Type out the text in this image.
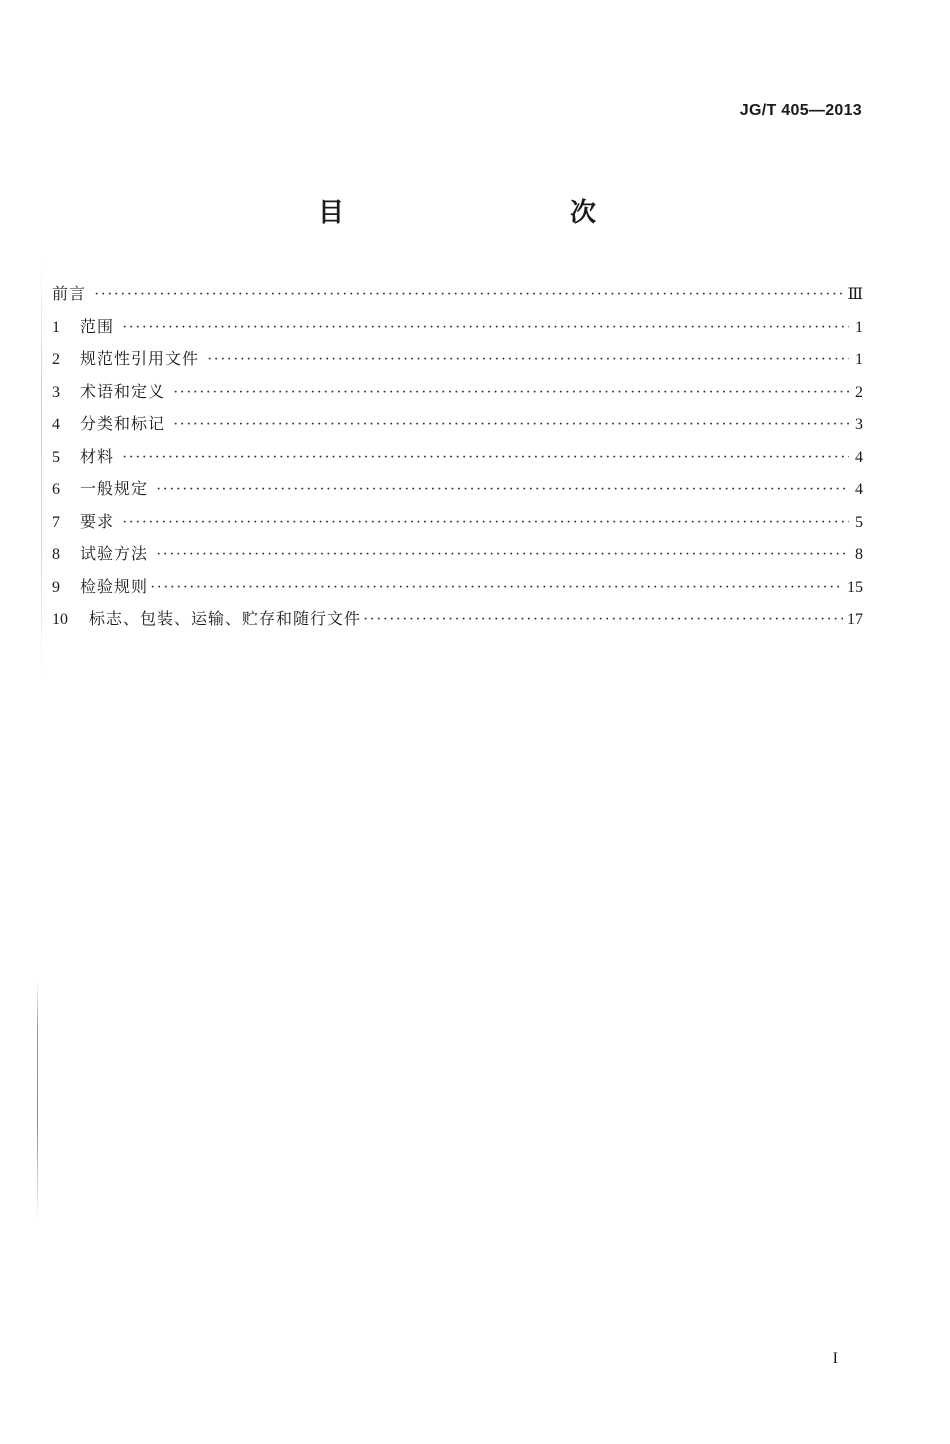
JG/T 405—2013
目　　次
前言 ·····	Ⅲ
1	范围 ·····	1
2	规范性引用文件 ·····	1
3	术语和定义 ·····	2
4	分类和标记 ·····	3
5	材料 ·····	4
6	一般规定 ·····	4
7	要求 ·····	5
8	试验方法 ·····	8
9	检验规则 ·····	15
10	标志、包装、运输、贮存和随行文件 ·····	17
I
